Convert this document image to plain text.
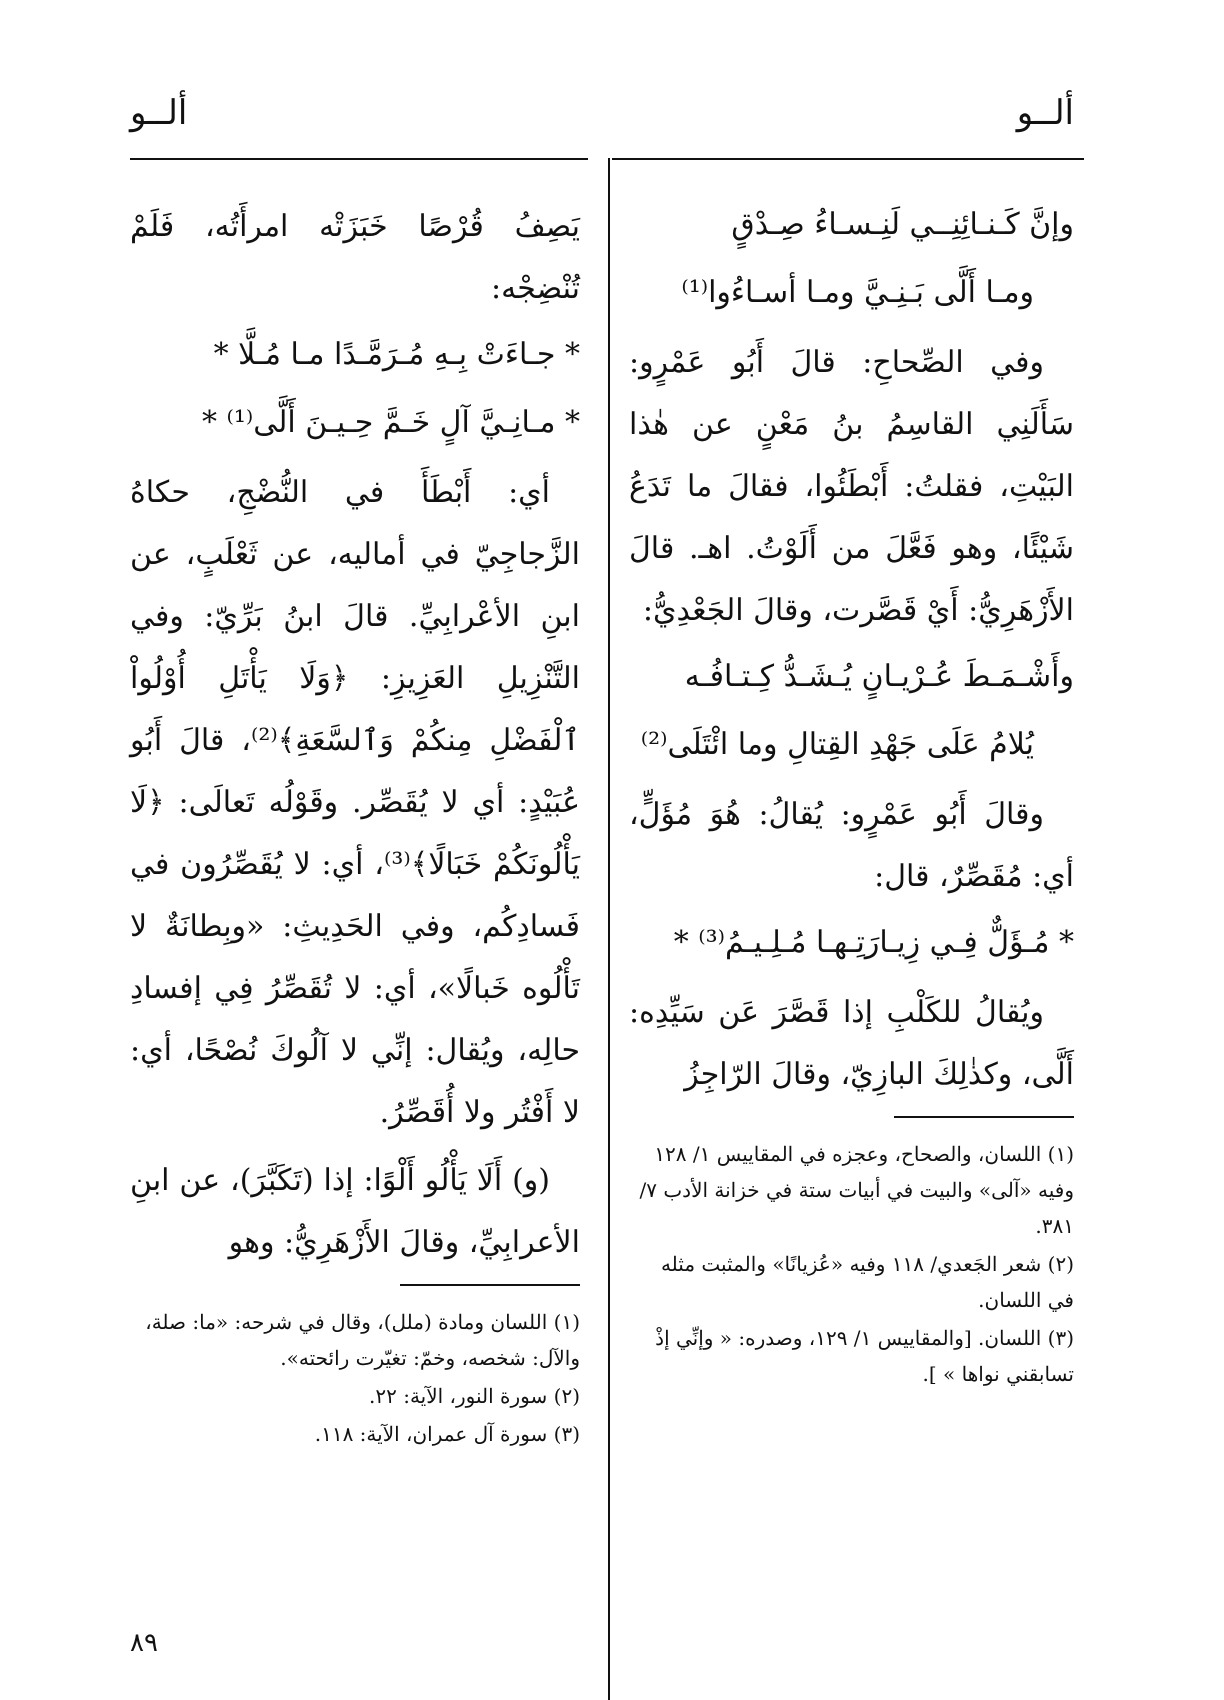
ألــو
ألــو
وإنَّ كَـنـائِنِــي لَنِـسـاءُ صِـدْقٍ
ومـا أَلَّى بَـنِـيَّ ومـا أسـاءُوا⁽¹⁾

وفي الصِّحاحِ: قالَ أَبُو عَمْرٍو: سَأَلَنِي القاسِمُ بنُ مَعْنٍ عن هٰذا البَيْتِ، فقلتُ: أَبْطَئُوا، فقالَ ما تَدَعُ شَيْئًا، وهو فَعَّلَ من أَلَوْتُ. اهـ. قالَ الأَزْهَرِيُّ: أَيْ قَصَّرت، وقالَ الجَعْدِيُّ:

وأَشْـمَـطَ عُـرْيـانٍ يُـشَـدُّ كِـتـافُـه
يُلامُ عَلَى جَهْدِ القِتالِ وما ائْتَلَى⁽²⁾

وقالَ أَبُو عَمْرٍو: يُقالُ: هُوَ مُؤَلٍّ، أي: مُقَصِّرٌ، قال:

* مُـؤَلٌّ فِـي زِيـارَتِـهـا مُـلِـيـمُ⁽³⁾ *

ويُقالُ للكَلْبِ إذا قَصَّرَ عَن سَيِّدِه: أَلَّى، وكذٰلِكَ البازِيّ، وقالَ الرّاجِزُ

(١) اللسان، والصحاح، وعجزه في المقاييس ١/ ١٢٨ وفيه «آلى» والبيت في أبيات ستة في خزانة الأدب ٧/ ٣٨١.

(٢) شعر الجَعدي/ ١١٨ وفيه «عُزيانًا» والمثبت مثله في اللسان.

(٣) اللسان. [والمقاييس ١/ ١٢٩، وصدره: « وإنِّي إذْ تسابقني نواها » ].

يَصِفُ قُرْصًا خَبَزَتْه امرأَتُه، فَلَمْ تُنْضِجْه:

* جـاءَتْ بِـهِ مُـرَمَّـدًا مـا مُـلَّا *
* مـانِـيَّ آلٍ خَـمَّ حِـيـنَ أَلَّى⁽¹⁾ *

أي: أَبْطَأَ في النُّضْجِ، حكاهُ الزَّجاجِيّ في أماليه، عن ثَعْلَبٍ، عن ابنِ الأعْرابِيِّ. قالَ ابنُ بَرِّيّ: وفي التَّنْزِيلِ العَزِيزِ: ﴿وَلَا يَأْتَلِ أُوْلُواْ ٱلْفَضْلِ مِنكُمْ وَٱلسَّعَةِ﴾⁽²⁾، قالَ أَبُو عُبَيْدٍ: أي لا يُقَصِّر. وقَوْلُه تَعالَى: ﴿لَا يَأْلُونَكُمْ خَبَالًا﴾⁽³⁾، أي: لا يُقَصِّرُون في فَسادِكُم، وفي الحَدِيثِ: «وبِطانَةٌ لا تَأْلُوه خَبالًا»، أي: لا تُقَصِّرُ فِي إفسادِ حالِه، ويُقال: إنِّي لا آلُوكَ نُصْحًا، أي: لا أَفْتُر ولا أُقَصِّرُ.

(و) أَلَا يَأْلُو أَلْوًا: إذا (تَكَبَّرَ)، عن ابنِ الأعرابِيِّ، وقالَ الأَزْهَرِيُّ: وهو

(١) اللسان ومادة (ملل)، وقال في شرحه: «ما: صلة، والآل: شخصه، وخمّ: تغيّرت رائحته».

(٢) سورة النور، الآية: ٢٢.

(٣) سورة آل عمران، الآية: ١١٨.

٨٩
